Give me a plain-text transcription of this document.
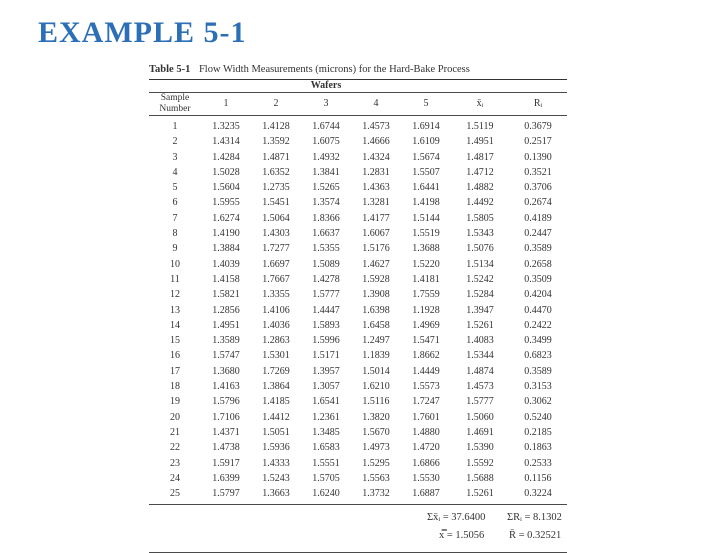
EXAMPLE 5-1
Table 5-1 Flow Width Measurements (microns) for the Hard-Bake Process
	Wafers						
Sample Number	1	2	3	4	5	x̄ᵢ	Rᵢ
1	1.3235	1.4128	1.6744	1.4573	1.6914	1.5119	0.3679
2	1.4314	1.3592	1.6075	1.4666	1.6109	1.4951	0.2517
3	1.4284	1.4871	1.4932	1.4324	1.5674	1.4817	0.1390
4	1.5028	1.6352	1.3841	1.2831	1.5507	1.4712	0.3521
5	1.5604	1.2735	1.5265	1.4363	1.6441	1.4882	0.3706
6	1.5955	1.5451	1.3574	1.3281	1.4198	1.4492	0.2674
7	1.6274	1.5064	1.8366	1.4177	1.5144	1.5805	0.4189
8	1.4190	1.4303	1.6637	1.6067	1.5519	1.5343	0.2447
9	1.3884	1.7277	1.5355	1.5176	1.3688	1.5076	0.3589
10	1.4039	1.6697	1.5089	1.4627	1.5220	1.5134	0.2658
11	1.4158	1.7667	1.4278	1.5928	1.4181	1.5242	0.3509
12	1.5821	1.3355	1.5777	1.3908	1.7559	1.5284	0.4204
13	1.2856	1.4106	1.4447	1.6398	1.1928	1.3947	0.4470
14	1.4951	1.4036	1.5893	1.6458	1.4969	1.5261	0.2422
15	1.3589	1.2863	1.5996	1.2497	1.5471	1.4083	0.3499
16	1.5747	1.5301	1.5171	1.1839	1.8662	1.5344	0.6823
17	1.3680	1.7269	1.3957	1.5014	1.4449	1.4874	0.3589
18	1.4163	1.3864	1.3057	1.6210	1.5573	1.4573	0.3153
19	1.5796	1.4185	1.6541	1.5116	1.7247	1.5777	0.3062
20	1.7106	1.4412	1.2361	1.3820	1.7601	1.5060	0.5240
21	1.4371	1.5051	1.3485	1.5670	1.4880	1.4691	0.2185
22	1.4738	1.5936	1.6583	1.4973	1.4720	1.5390	0.1863
23	1.5917	1.4333	1.5551	1.5295	1.6866	1.5592	0.2533
24	1.6399	1.5243	1.5705	1.5563	1.5530	1.5688	0.1156
25	1.5797	1.3663	1.6240	1.3732	1.6887	1.5261	0.3224
Σx̄ᵢ = 37.6400 ΣRᵢ = 8.1302
x̿ = 1.5056 R̄ = 0.32521
